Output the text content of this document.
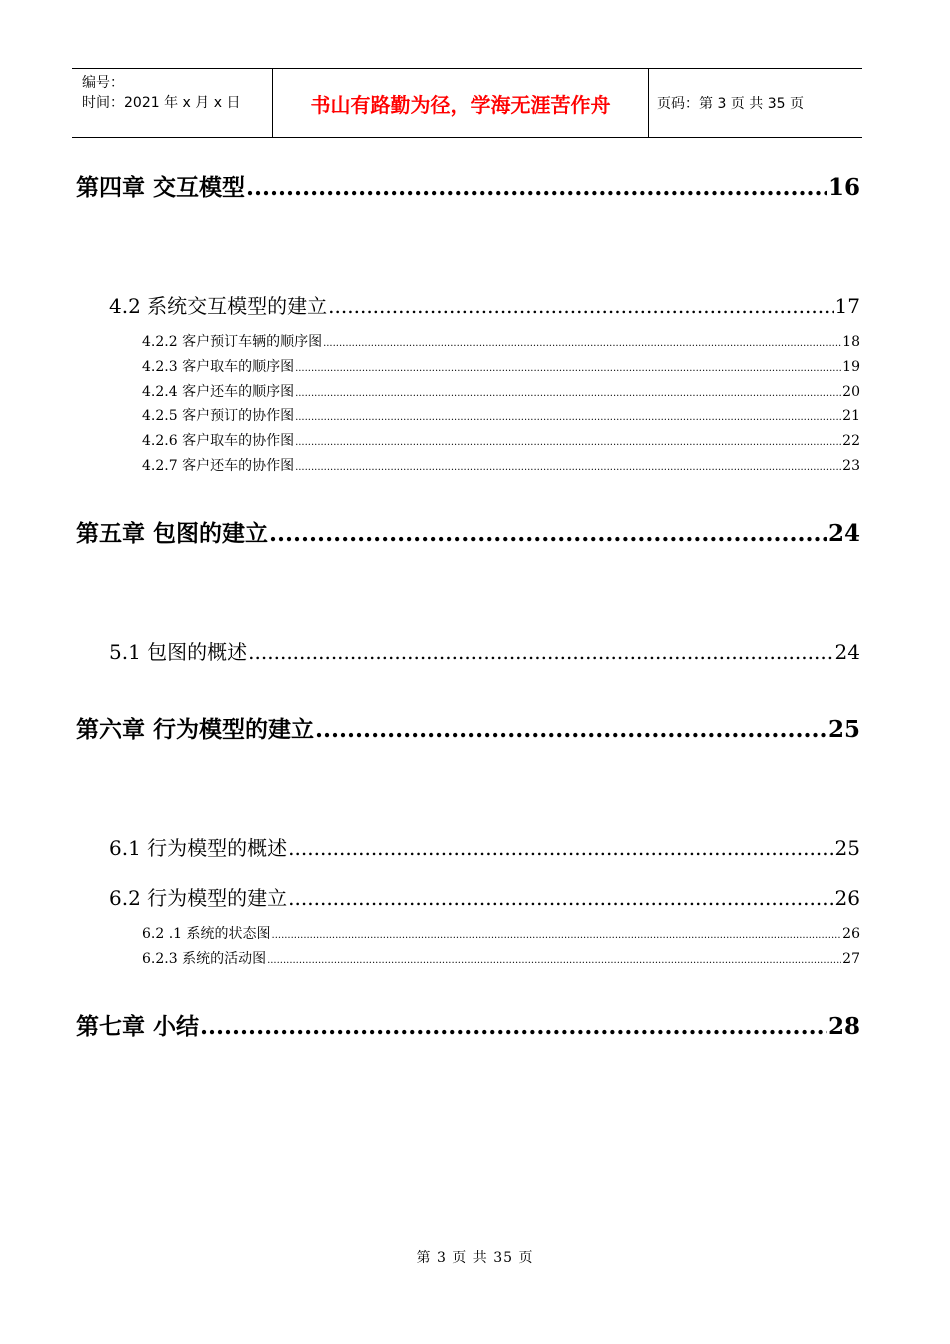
编号：
时间：2021 年 x 月 x 日	书山有路勤为径，学海无涯苦作舟	页码：第 3 页 共 35 页
第四章 交互模型 .....	16
4.2 系统交互模型的建立 .....	17
4.2.2 客户预订车辆的顺序图 .....	18
4.2.3 客户取车的顺序图 .....	19
4.2.4 客户还车的顺序图 .....	20
4.2.5 客户预订的协作图 .....	21
4.2.6 客户取车的协作图 .....	22
4.2.7 客户还车的协作图 .....	23
第五章 包图的建立 .....	24
5.1 包图的概述 .....	24
第六章 行为模型的建立 .....	25
6.1 行为模型的概述 .....	25
6.2 行为模型的建立 .....	26
6.2 .1 系统的状态图 .....	26
6.2.3 系统的活动图 .....	27
第七章 小结 .....	28
第 3 页 共 35 页
